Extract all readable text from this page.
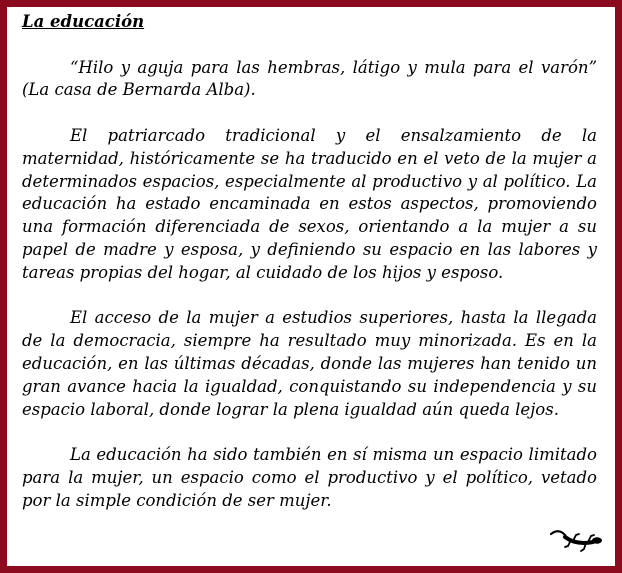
La educación

“Hilo y aguja para las hembras, látigo y mula para el varón” (La casa de Bernarda Alba).

El patriarcado tradicional y el ensalzamiento de la maternidad, históricamente se ha traducido en el veto de la mujer a determinados espacios, especialmente al productivo y al político. La educación ha estado encaminada en estos aspectos, promoviendo una formación diferenciada de sexos, orientando a la mujer a su papel de madre y esposa, y definiendo su espacio en las labores y tareas propias del hogar, al cuidado de los hijos y esposo.

El acceso de la mujer a estudios superiores, hasta la llegada de la democracia, siempre ha resultado muy minorizada. Es en la educación, en las últimas décadas, donde las mujeres han tenido un gran avance hacia la igualdad, conquistando su independencia y su espacio laboral, donde lograr la plena igualdad aún queda lejos.

La educación ha sido también en sí misma un espacio limitado para la mujer, un espacio como el productivo y el político, vetado por la simple condición de ser mujer.
